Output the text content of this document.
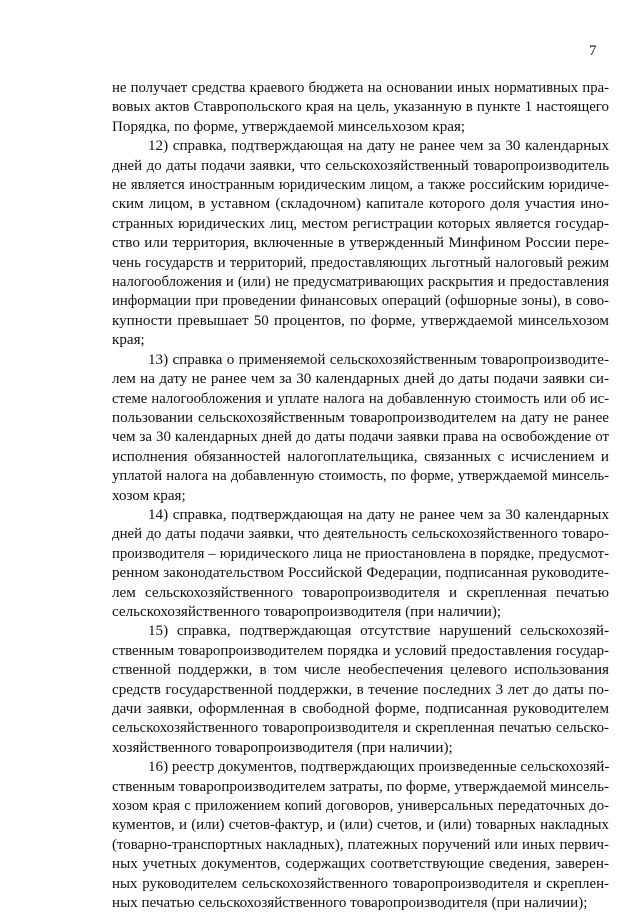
7

не получает средства краевого бюджета на основании иных нормативных пра-
вовых актов Ставропольского края на цель, указанную в пункте 1 настоящего
Порядка, по форме, утверждаемой минсельхозом края;

12) справка, подтверждающая на дату не ранее чем за 30 календарных
дней до даты подачи заявки, что сельскохозяйственный товаропроизводитель
не является иностранным юридическим лицом, а также российским юридиче-
ским лицом, в уставном (складочном) капитале которого доля участия ино-
странных юридических лиц, местом регистрации которых является государ-
ство или территория, включенные в утвержденный Минфином России пере-
чень государств и территорий, предоставляющих льготный налоговый режим
налогообложения и (или) не предусматривающих раскрытия и предоставления
информации при проведении финансовых операций (офшорные зоны), в сово-
купности превышает 50 процентов, по форме, утверждаемой минсельхозом
края;

13) справка о применяемой сельскохозяйственным товаропроизводите-
лем на дату не ранее чем за 30 календарных дней до даты подачи заявки си-
стеме налогообложения и уплате налога на добавленную стоимость или об ис-
пользовании сельскохозяйственным товаропроизводителем на дату не ранее
чем за 30 календарных дней до даты подачи заявки права на освобождение от
исполнения обязанностей налогоплательщика, связанных с исчислением и
уплатой налога на добавленную стоимость, по форме, утверждаемой минсель-
хозом края;

14) справка, подтверждающая на дату не ранее чем за 30 календарных
дней до даты подачи заявки, что деятельность сельскохозяйственного товаро-
производителя – юридического лица не приостановлена в порядке, предусмот-
ренном законодательством Российской Федерации, подписанная руководите-
лем сельскохозяйственного товаропроизводителя и скрепленная печатью
сельскохозяйственного товаропроизводителя (при наличии);

15) справка, подтверждающая отсутствие нарушений сельскохозяй-
ственным товаропроизводителем порядка и условий предоставления государ-
ственной поддержки, в том числе необеспечения целевого использования
средств государственной поддержки, в течение последних 3 лет до даты по-
дачи заявки, оформленная в свободной форме, подписанная руководителем
сельскохозяйственного товаропроизводителя и скрепленная печатью сельско-
хозяйственного товаропроизводителя (при наличии);

16) реестр документов, подтверждающих произведенные сельскохозяй-
ственным товаропроизводителем затраты, по форме, утверждаемой минсель-
хозом края с приложением копий договоров, универсальных передаточных до-
кументов, и (или) счетов-фактур, и (или) счетов, и (или) товарных накладных
(товарно-транспортных накладных), платежных поручений или иных первич-
ных учетных документов, содержащих соответствующие сведения, заверен-
ных руководителем сельскохозяйственного товаропроизводителя и скреплен-
ных печатью сельскохозяйственного товаропроизводителя (при наличии);
